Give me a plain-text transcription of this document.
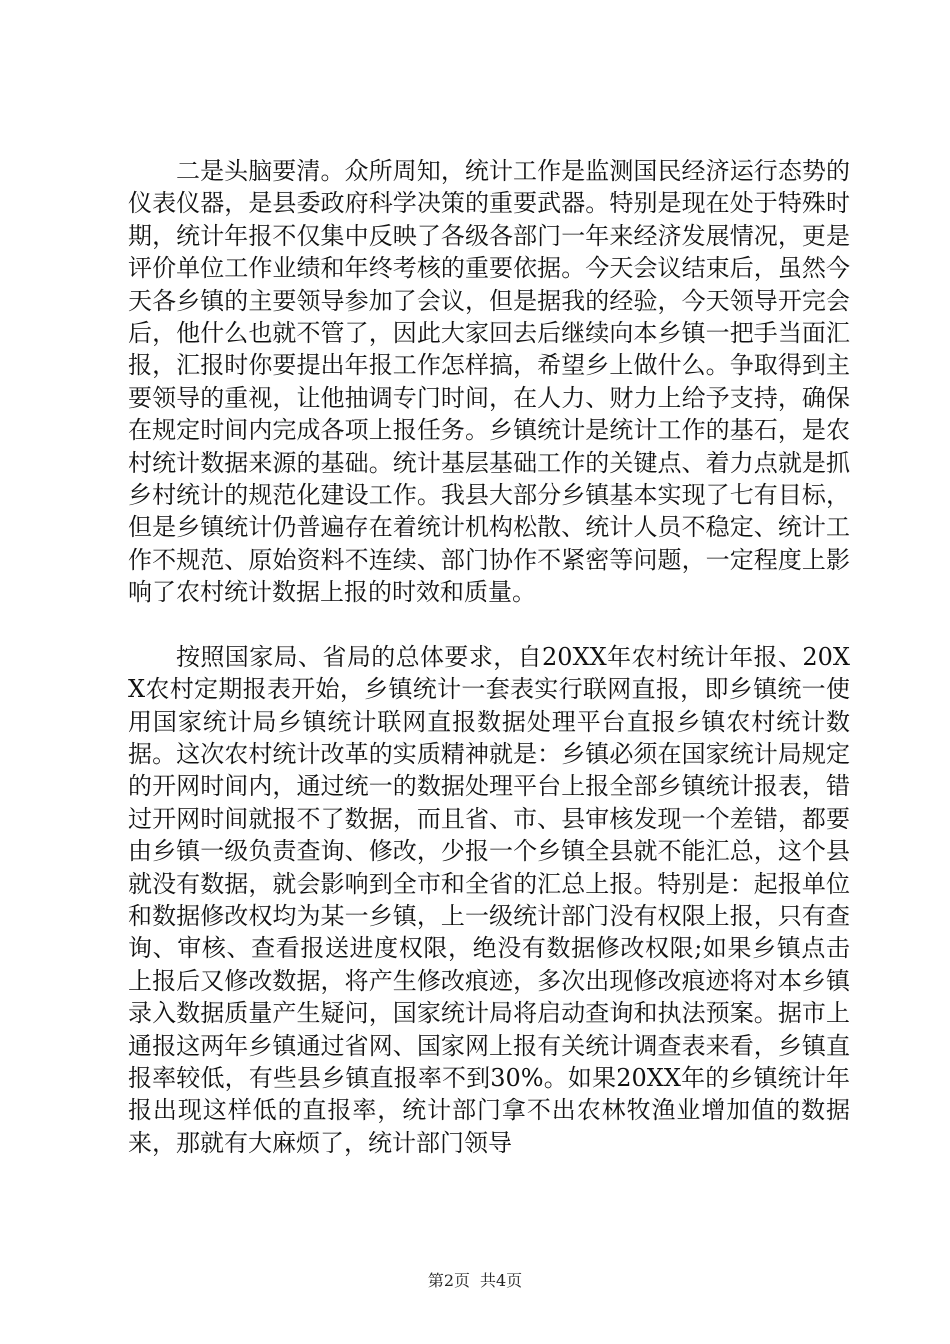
二是头脑要清。众所周知，统计工作是监测国民经济运行态势的仪表仪器，是县委政府科学决策的重要武器。特别是现在处于特殊时期，统计年报不仅集中反映了各级各部门一年来经济发展情况，更是评价单位工作业绩和年终考核的重要依据。今天会议结束后，虽然今天各乡镇的主要领导参加了会议，但是据我的经验，今天领导开完会后，他什么也就不管了，因此大家回去后继续向本乡镇一把手当面汇报，汇报时你要提出年报工作怎样搞，希望乡上做什么。争取得到主要领导的重视，让他抽调专门时间，在人力、财力上给予支持，确保在规定时间内完成各项上报任务。乡镇统计是统计工作的基石，是农村统计数据来源的基础。统计基层基础工作的关键点、着力点就是抓乡村统计的规范化建设工作。我县大部分乡镇基本实现了七有目标，但是乡镇统计仍普遍存在着统计机构松散、统计人员不稳定、统计工作不规范、原始资料不连续、部门协作不紧密等问题，一定程度上影响了农村统计数据上报的时效和质量。

按照国家局、省局的总体要求，自20XX年农村统计年报、20XX农村定期报表开始，乡镇统计一套表实行联网直报，即乡镇统一使用国家统计局乡镇统计联网直报数据处理平台直报乡镇农村统计数据。这次农村统计改革的实质精神就是：乡镇必须在国家统计局规定的开网时间内，通过统一的数据处理平台上报全部乡镇统计报表，错过开网时间就报不了数据，而且省、市、县审核发现一个差错，都要由乡镇一级负责查询、修改，少报一个乡镇全县就不能汇总，这个县就没有数据，就会影响到全市和全省的汇总上报。特别是：起报单位和数据修改权均为某一乡镇，上一级统计部门没有权限上报，只有查询、审核、查看报送进度权限，绝没有数据修改权限;如果乡镇点击上报后又修改数据，将产生修改痕迹，多次出现修改痕迹将对本乡镇录入数据质量产生疑问，国家统计局将启动查询和执法预案。据市上通报这两年乡镇通过省网、国家网上报有关统计调查表来看，乡镇直报率较低，有些县乡镇直报率不到30%。如果20XX年的乡镇统计年报出现这样低的直报率，统计部门拿不出农林牧渔业增加值的数据来，那就有大麻烦了，统计部门领导

第2页 共4页
